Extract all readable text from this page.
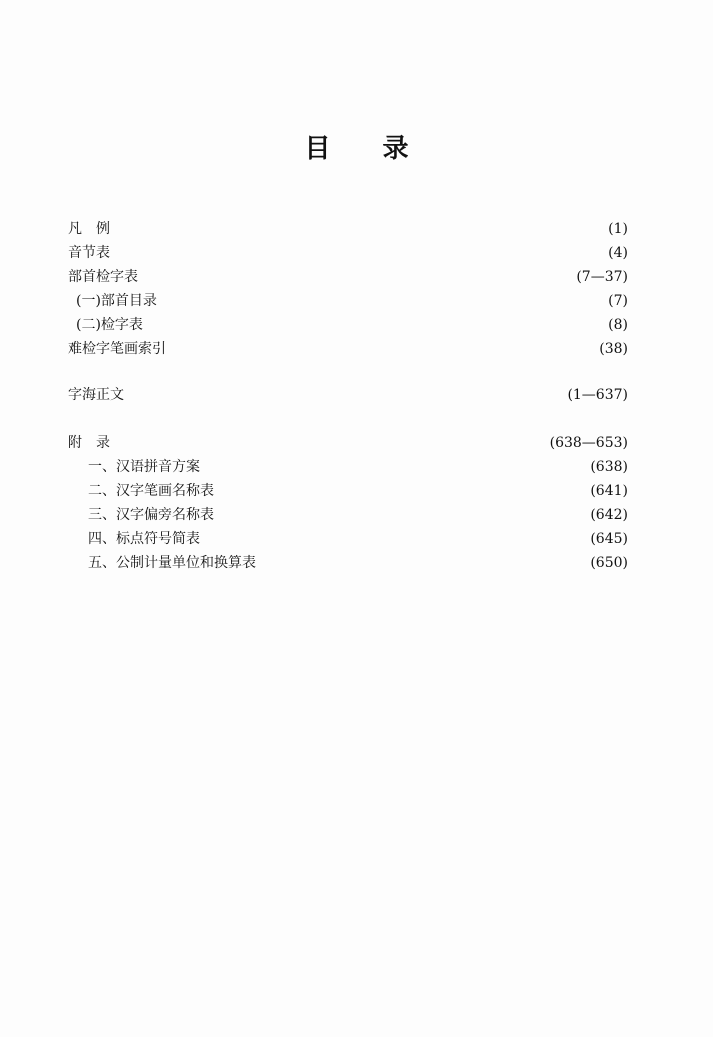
目 录
凡例	(1)
音节表	(4)
部首检字表	(7—37)
(一)部首目录	(7)
(二)检字表	(8)
难检字笔画索引	(38)
字海正文	(1—637)
附录	(638—653)
一、汉语拼音方案	(638)
二、汉字笔画名称表	(641)
三、汉字偏旁名称表	(642)
四、标点符号简表	(645)
五、公制计量单位和换算表	(650)
